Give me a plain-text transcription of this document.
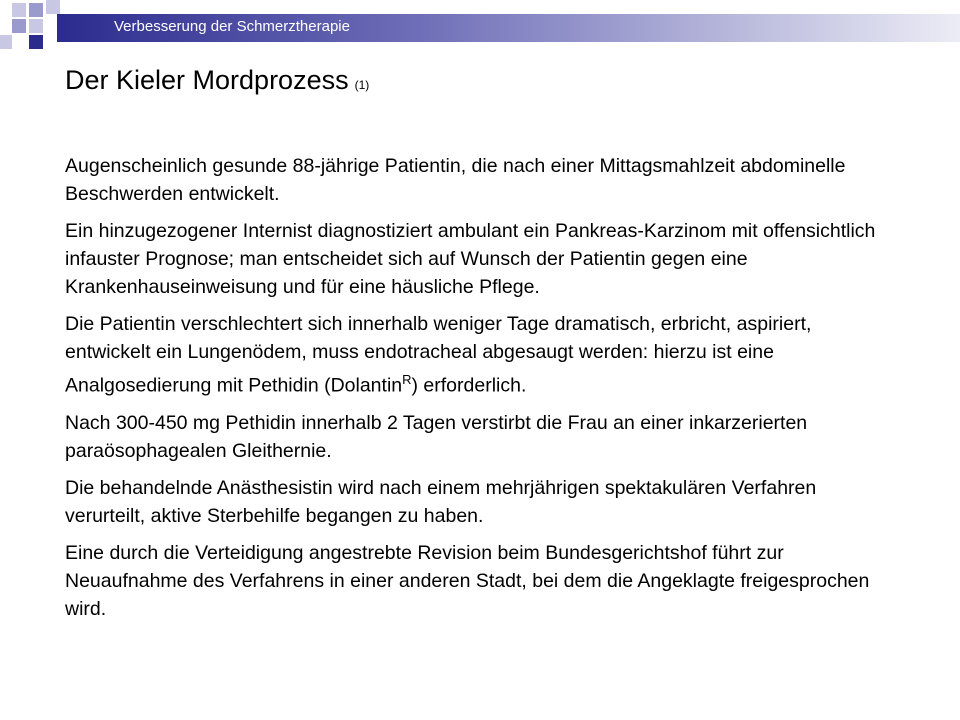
Verbesserung der Schmerztherapie
Der Kieler Mordprozess (1)

Augenscheinlich gesunde 88-jährige Patientin, die nach einer Mittagsmahlzeit abdominelle Beschwerden entwickelt.

Ein hinzugezogener Internist diagnostiziert ambulant ein Pankreas-Karzinom mit offensichtlich infauster Prognose; man entscheidet sich auf Wunsch der Patientin gegen eine Krankenhauseinweisung und für eine häusliche Pflege.

Die Patientin verschlechtert sich innerhalb weniger Tage dramatisch, erbricht, aspiriert, entwickelt ein Lungenödem, muss endotracheal abgesaugt werden: hierzu ist eine Analgosedierung mit Pethidin (Dolantin$^R$) erforderlich.

Nach 300-450 mg Pethidin innerhalb 2 Tagen verstirbt die Frau an einer inkarzerierten paraösophagealen Gleithernie.

Die behandelnde Anästhesistin wird nach einem mehrjährigen spektakulären Verfahren verurteilt, aktive Sterbehilfe begangen zu haben.

Eine durch die Verteidigung angestrebte Revision beim Bundesgerichtshof führt zur Neuaufnahme des Verfahrens in einer anderen Stadt, bei dem die Angeklagte freigesprochen wird.
